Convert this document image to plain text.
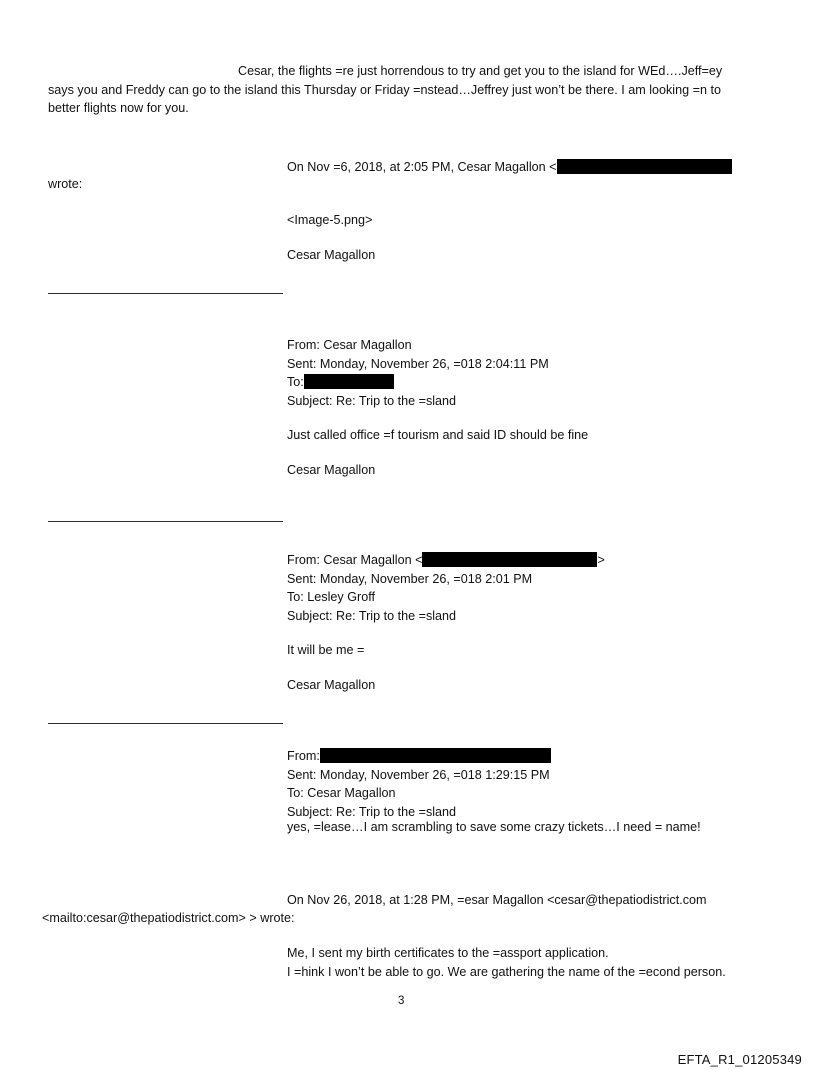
Cesar, the flights =re just horrendous to try and get you to the island for WEd….Jeff=ey
says you and Freddy can go to the island this Thursday or Friday =nstead…Jeffrey just won’t be there. I am looking =n to
better flights now for you.
On Nov =6, 2018, at 2:05 PM, Cesar Magallon <
wrote:
<Image-5.png>
Cesar Magallon
From: Cesar Magallon
Sent: Monday, November 26, =018 2:04:11 PM
To:
Subject: Re: Trip to the =sland
Just called office =f tourism and said ID should be fine
Cesar Magallon
From: Cesar Magallon <	>
Sent: Monday, November 26, =018 2:01 PM
To: Lesley Groff
Subject: Re: Trip to the =sland
It will be me =
Cesar Magallon
From:
Sent: Monday, November 26, =018 1:29:15 PM
To: Cesar Magallon
Subject: Re: Trip to the =sland
yes, =lease…I am scrambling to save some crazy tickets…I need = name!
On Nov 26, 2018, at 1:28 PM, =esar Magallon <cesar@thepatiodistrict.com
<mailto:cesar@thepatiodistrict.com> > wrote:
Me, I sent my birth certificates to the =assport application.
I =hink I won’t be able to go. We are gathering the name of the =econd person.
3
EFTA_R1_01205349
